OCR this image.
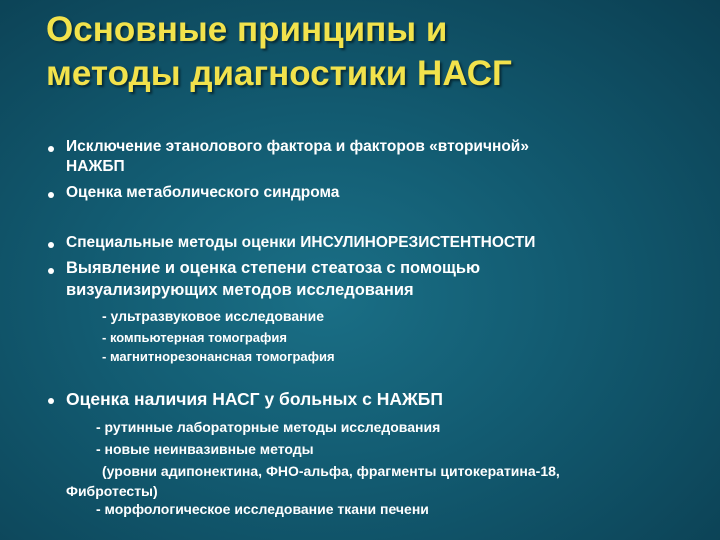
Основные принципы и
методы диагностики НАСГ
Исключение этанолового фактора и факторов «вторичной»
НАЖБП
Оценка метаболического синдрома
Специальные методы оценки ИНСУЛИНОРЕЗИСТЕНТНОСТИ
Выявление и оценка степени стеатоза с помощью
визуализирующих методов исследования
- ультразвуковое исследование
- компьютерная томография
- магнитнорезонансная томография
Оценка наличия НАСГ у больных с НАЖБП
- рутинные лабораторные методы исследования
- новые неинвазивные методы
(уровни адипонектина, ФНО-альфа, фрагменты цитокератина-18,
Фибротесты)
- морфологическое исследование ткани печени
